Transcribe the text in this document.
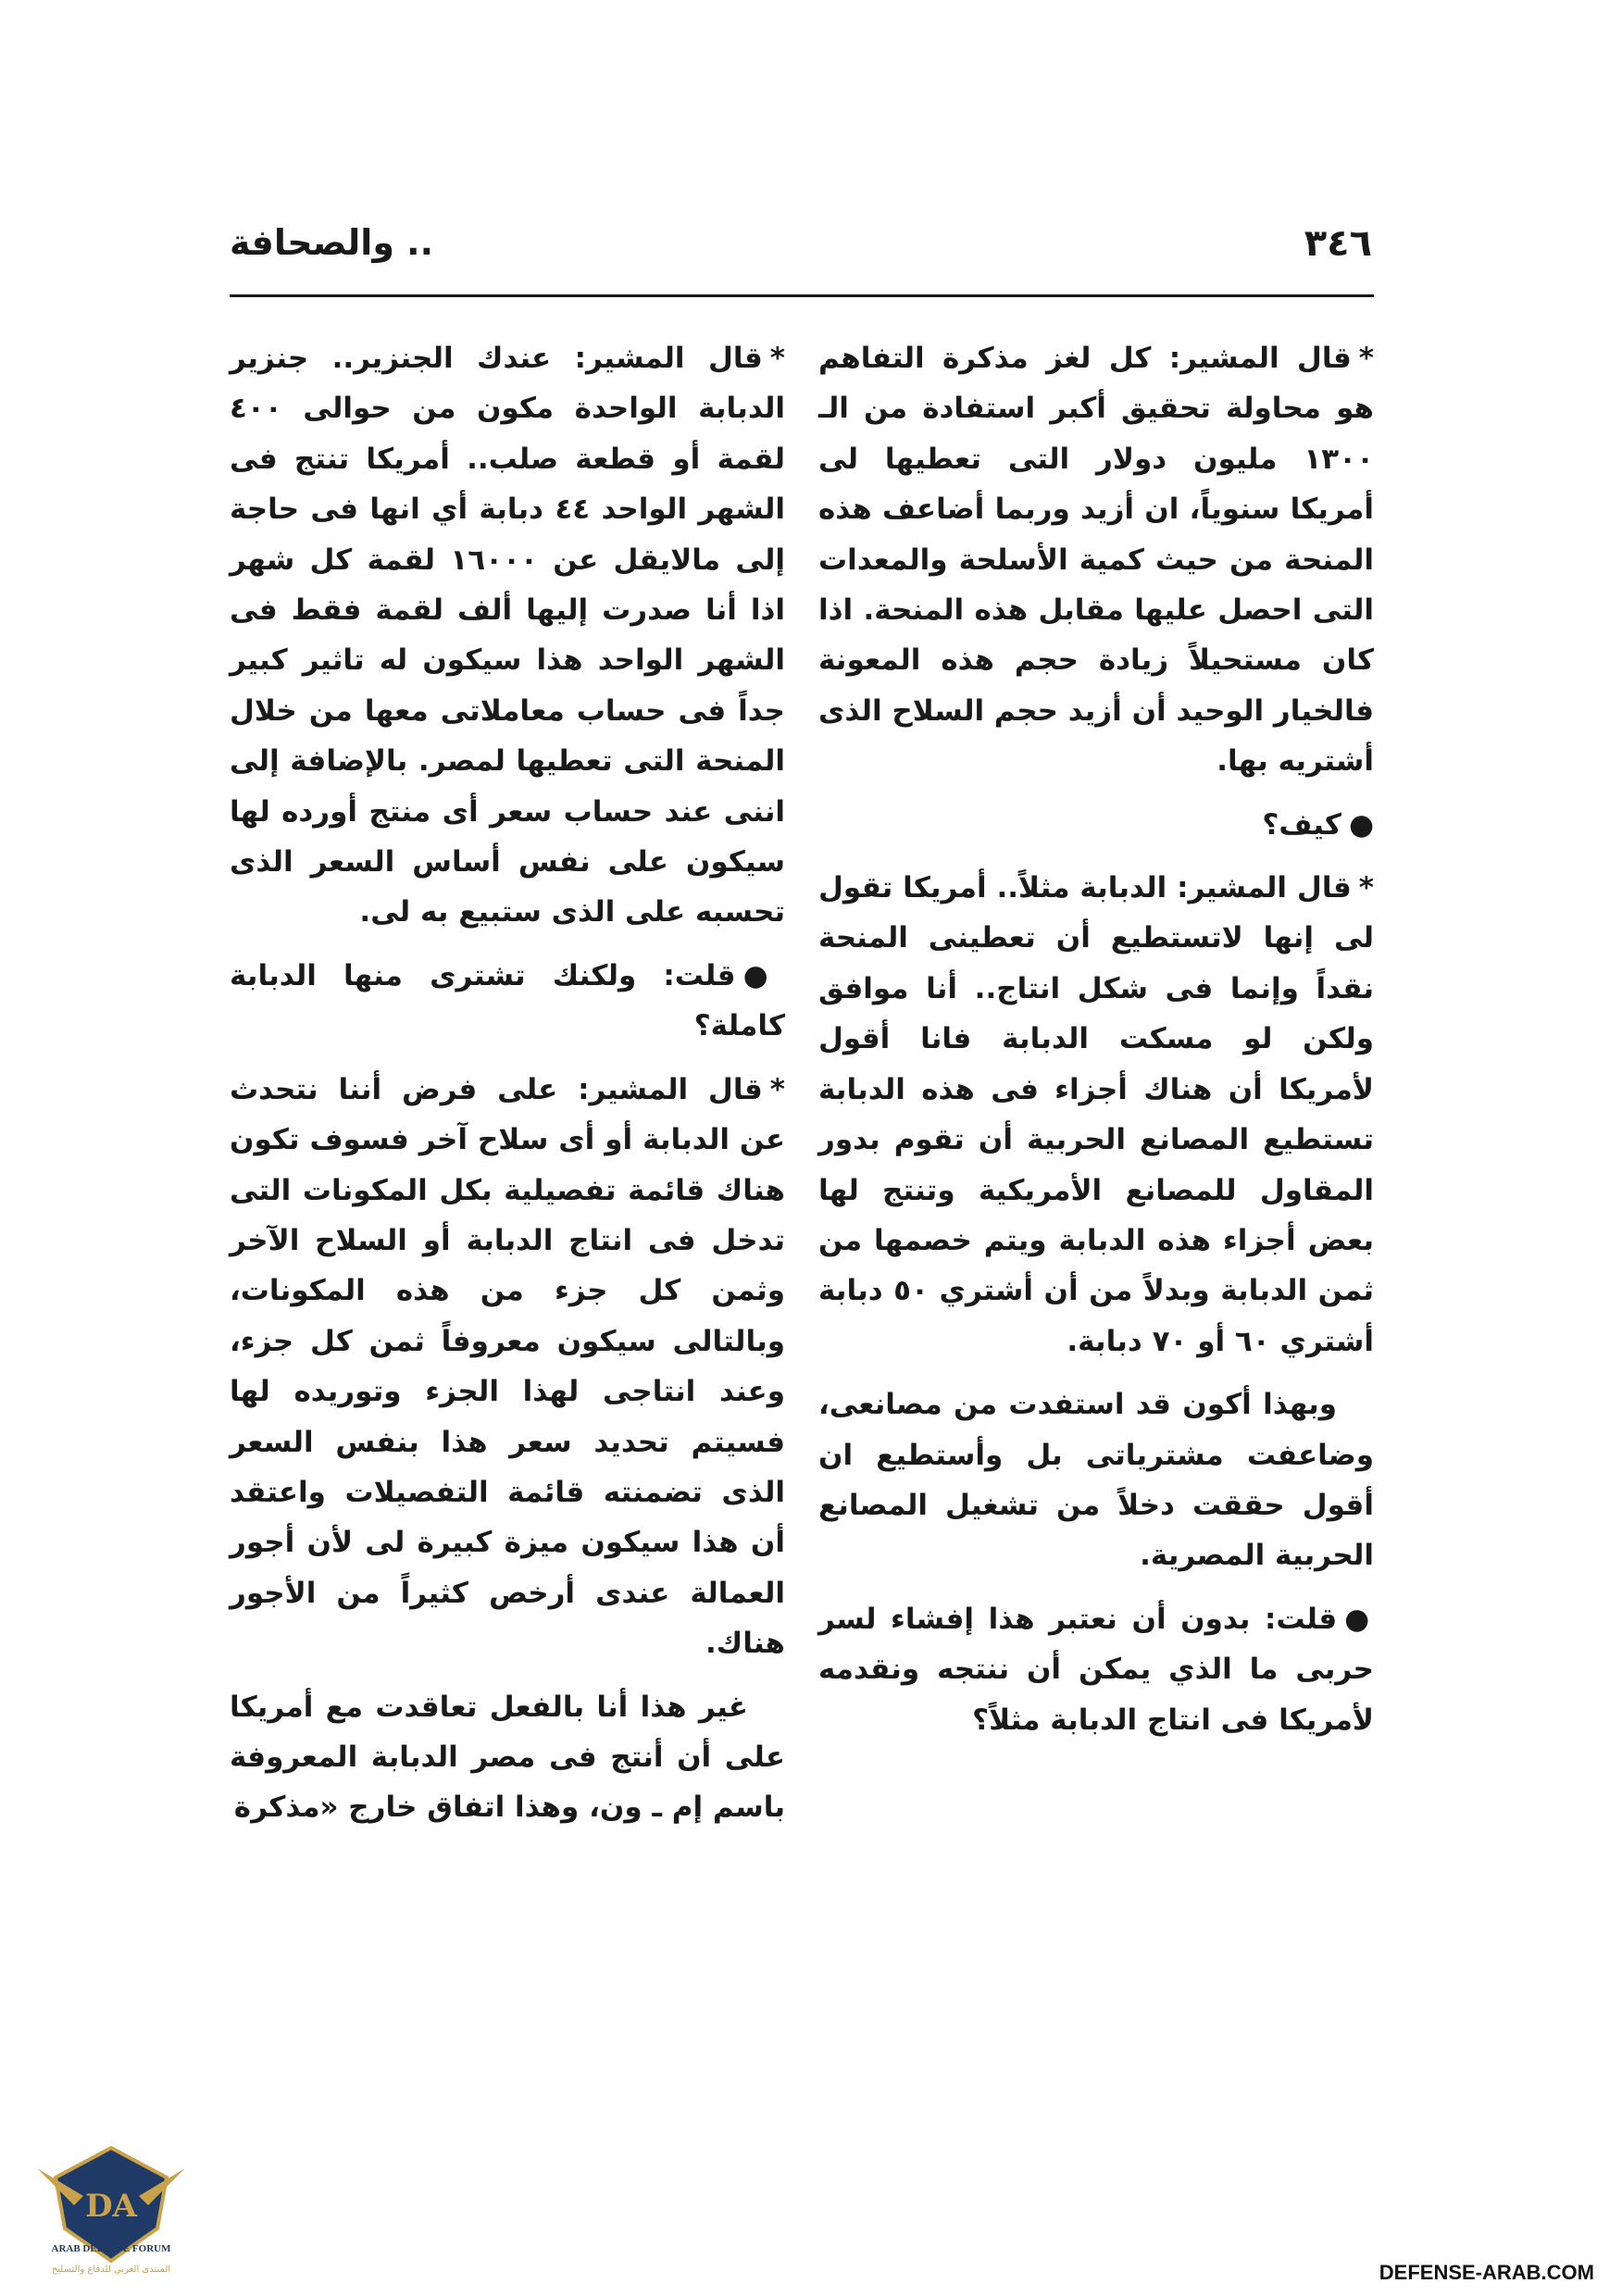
٣٤٦
.. والصحافة

*قال المشير: كل لغز مذكرة التفاهم هو محاولة تحقيق أكبر استفادة من الـ ١٣٠٠ مليون دولار التى تعطيها لى أمريكا سنوياً، ان أزيد وربما أضاعف هذه المنحة من حيث كمية الأسلحة والمعدات التى احصل عليها مقابل هذه المنحة. اذا كان مستحيلاً زيادة حجم هذه المعونة فالخيار الوحيد أن أزيد حجم السلاح الذى أشتريه بها.

●كيف؟

*قال المشير: الدبابة مثلاً.. أمريكا تقول لى إنها لاتستطيع أن تعطينى المنحة نقداً وإنما فى شكل انتاج.. أنا موافق ولكن لو مسكت الدبابة فانا أقول لأمريكا أن هناك أجزاء فى هذه الدبابة تستطيع المصانع الحربية أن تقوم بدور المقاول للمصانع الأمريكية وتنتج لها بعض أجزاء هذه الدبابة ويتم خصمها من ثمن الدبابة وبدلاً من أن أشتري ٥٠ دبابة أشتري ٦٠ أو ٧٠ دبابة.

وبهذا أكون قد استفدت من مصانعى، وضاعفت مشترياتى بل وأستطيع ان أقول حققت دخلاً من تشغيل المصانع الحربية المصرية.

●قلت: بدون أن نعتبر هذا إفشاء لسر حربى ما الذي يمكن أن ننتجه ونقدمه لأمريكا فى انتاج الدبابة مثلاً؟

*قال المشير: عندك الجنزير.. جنزير الدبابة الواحدة مكون من حوالى ٤٠٠ لقمة أو قطعة صلب.. أمريكا تنتج فى الشهر الواحد ٤٤ دبابة أي انها فى حاجة إلى مالايقل عن ١٦٠٠٠ لقمة كل شهر اذا أنا صدرت إليها ألف لقمة فقط فى الشهر الواحد هذا سيكون له تاثير كبير جداً فى حساب معاملاتى معها من خلال المنحة التى تعطيها لمصر. بالإضافة إلى اننى عند حساب سعر أى منتج أورده لها سيكون على نفس أساس السعر الذى تحسبه على الذى ستبيع به لى.

●قلت: ولكنك تشترى منها الدبابة كاملة؟

*قال المشير: على فرض أننا نتحدث عن الدبابة أو أى سلاح آخر فسوف تكون هناك قائمة تفصيلية بكل المكونات التى تدخل فى انتاج الدبابة أو السلاح الآخر وثمن كل جزء من هذه المكونات، وبالتالى سيكون معروفاً ثمن كل جزء، وعند انتاجى لهذا الجزء وتوريده لها فسيتم تحديد سعر هذا بنفس السعر الذى تضمنته قائمة التفصيلات واعتقد أن هذا سيكون ميزة كبيرة لى لأن أجور العمالة عندى أرخص كثيراً من الأجور هناك.

غير هذا أنا بالفعل تعاقدت مع أمريكا على أن أنتج فى مصر الدبابة المعروفة باسم إم ـ ون، وهذا اتفاق خارج «مذكرة

DA
ARAB DEFENSE FORUM
المنتدى العربي للدفاع والتسليح	DEFENSE-ARAB.COM
